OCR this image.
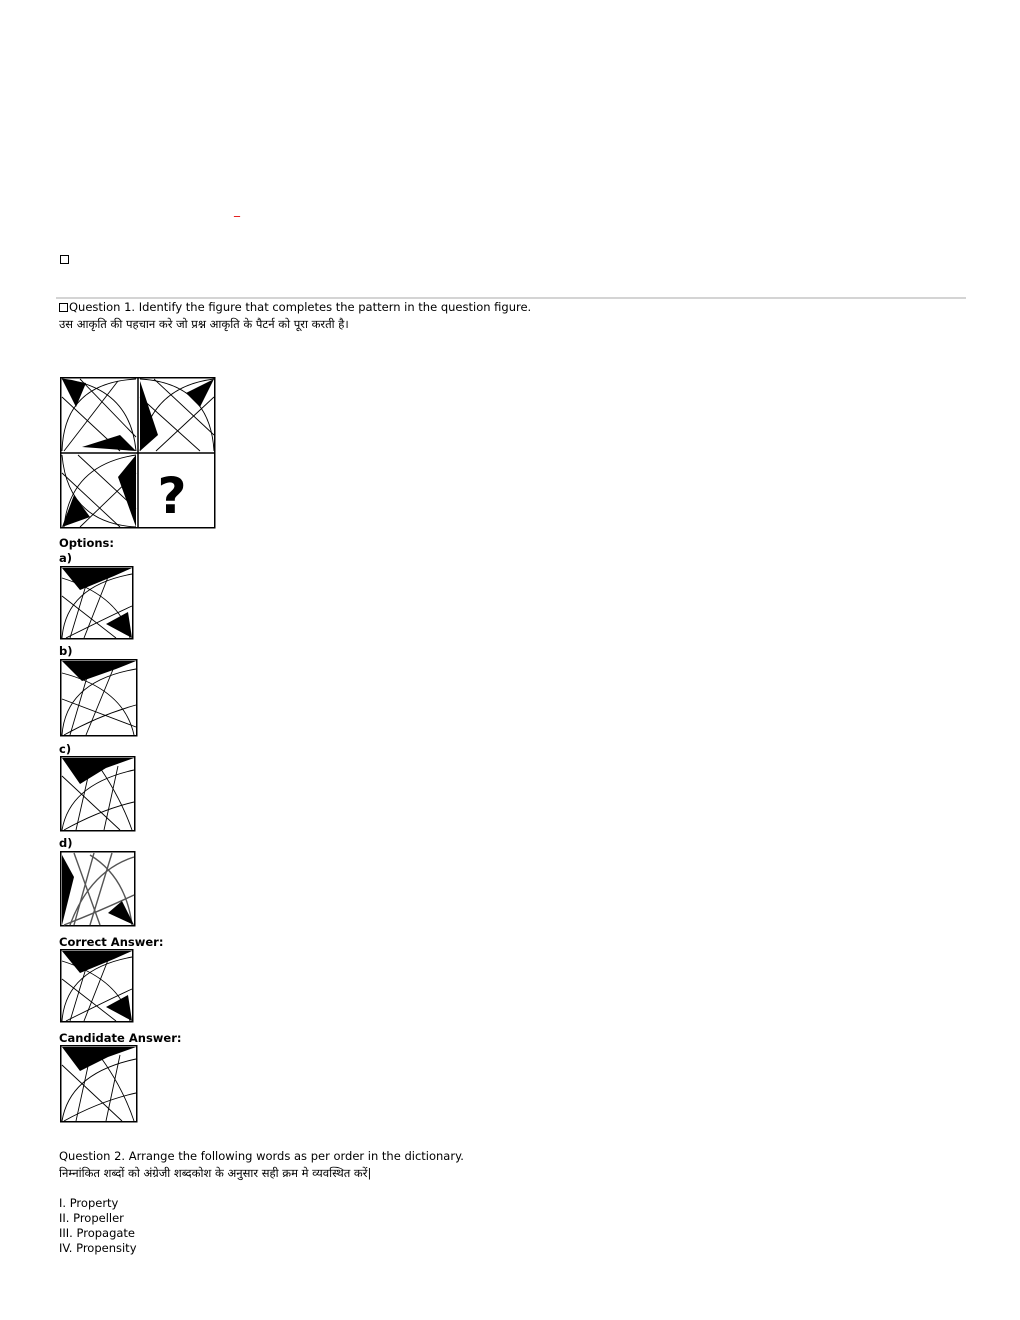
_
Question 1. Identify the figure that completes the pattern in the question figure.
उस आकृति की पहचान करे जो प्रश्न आकृति के पैटर्न को पूरा करती है।
?
Options:
a)
b)
c)
d)
Correct Answer:
Candidate Answer:
Question 2. Arrange the following words as per order in the dictionary.
निम्नांकित शब्दों को अंग्रेजी शब्दकोश के अनुसार सही क्रम मे व्यवस्थित करें|
I. Property
II. Propeller
III. Propagate
IV. Propensity
